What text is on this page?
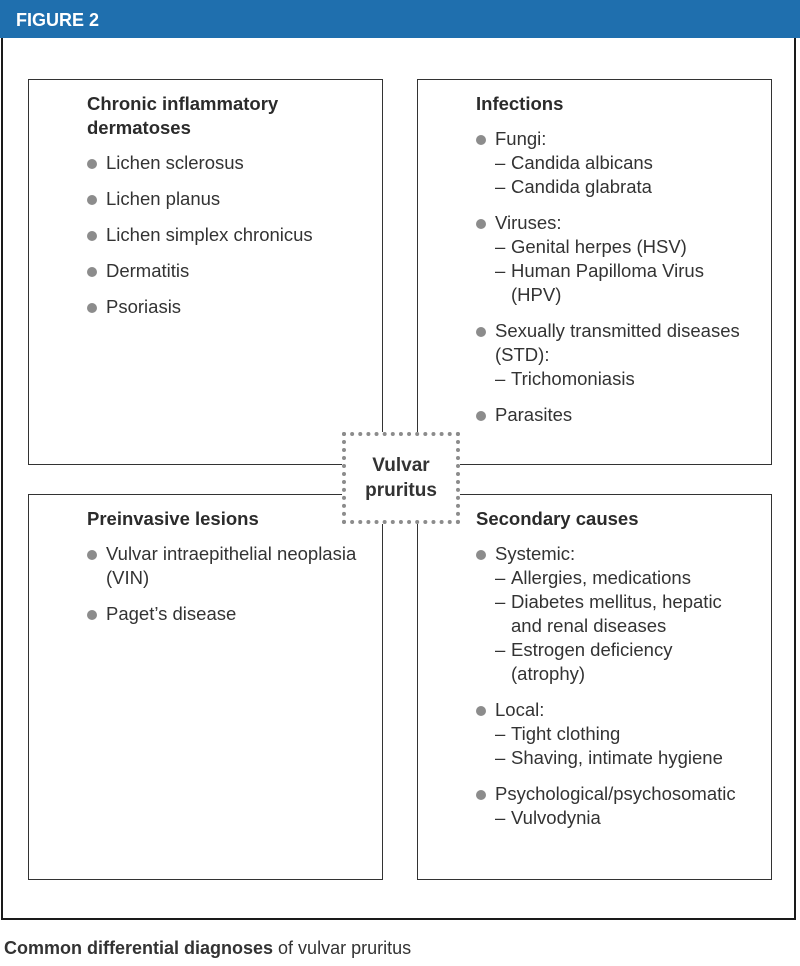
FIGURE 2
Chronic inflammatory
dermatoses
Lichen sclerosus
Lichen planus
Lichen simplex chronicus
Dermatitis
Psoriasis
Infections
Fungi:
– Candida albicans
– Candida glabrata
Viruses:
– Genital herpes (HSV)
– Human Papilloma Virus
(HPV)
Sexually transmitted diseases
(STD):
– Trichomoniasis
Parasites
Preinvasive lesions
Vulvar intraepithelial neoplasia
(VIN)
Paget’s disease
Secondary causes
Systemic:
– Allergies, medications
– Diabetes mellitus, hepatic
and renal diseases
– Estrogen deficiency
(atrophy)
Local:
– Tight clothing
– Shaving, intimate hygiene
Psychological/psychosomatic
– Vulvodynia
Vulvar
pruritus
Common differential diagnoses of vulvar pruritus
